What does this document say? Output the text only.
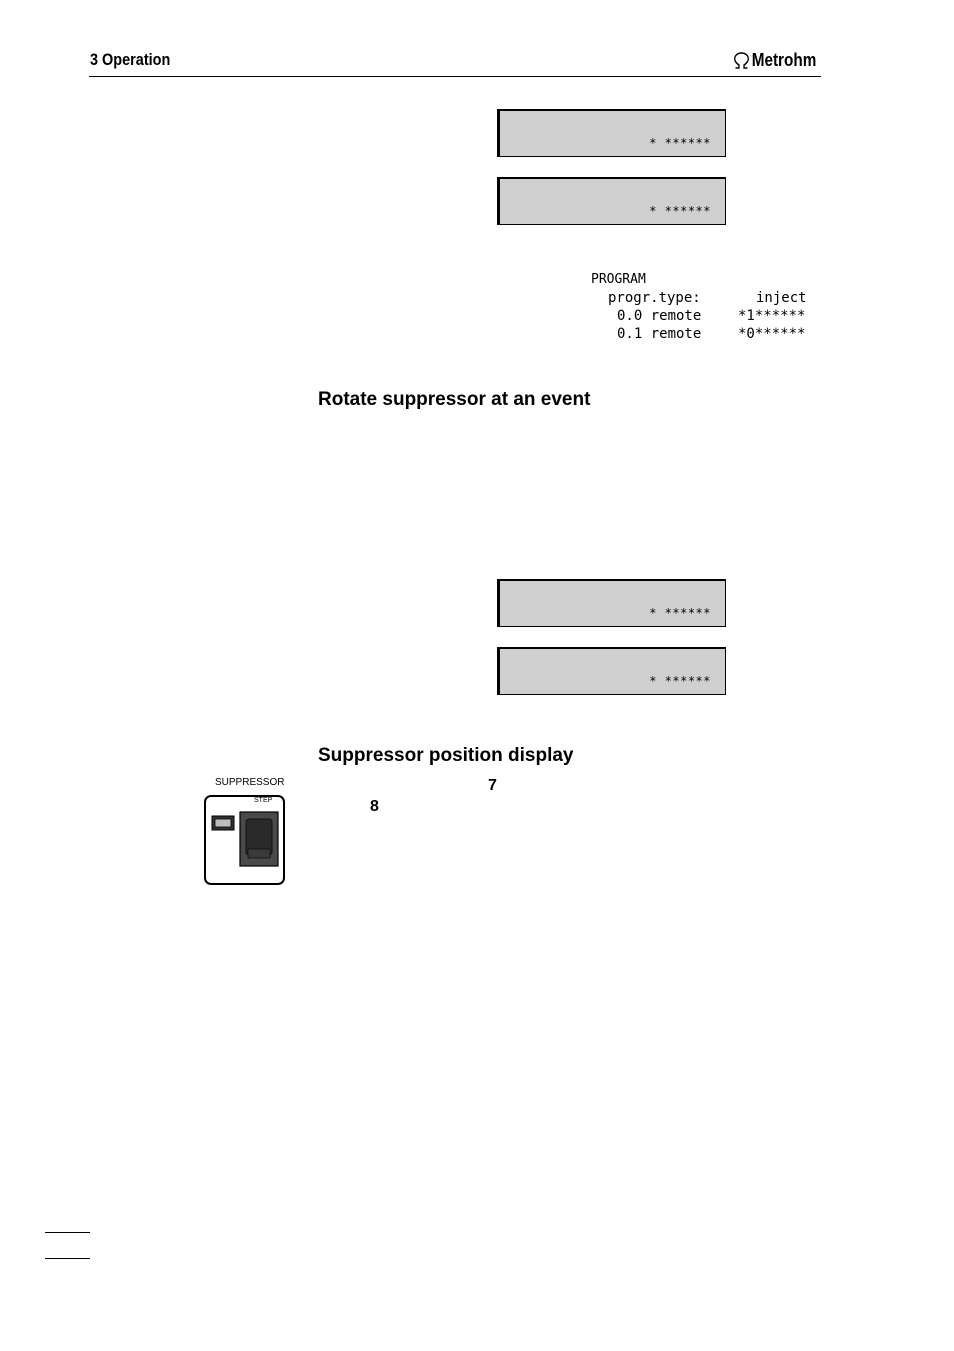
3 Operation	Metrohm
* ******
* ******
PROGRAM
progr.type:	inject
0.0 remote	*1******
0.1 remote	*0******
Rotate suppressor at an event
* ******
* ******
Suppressor position display
7
8
SUPPRESSOR
STEP
